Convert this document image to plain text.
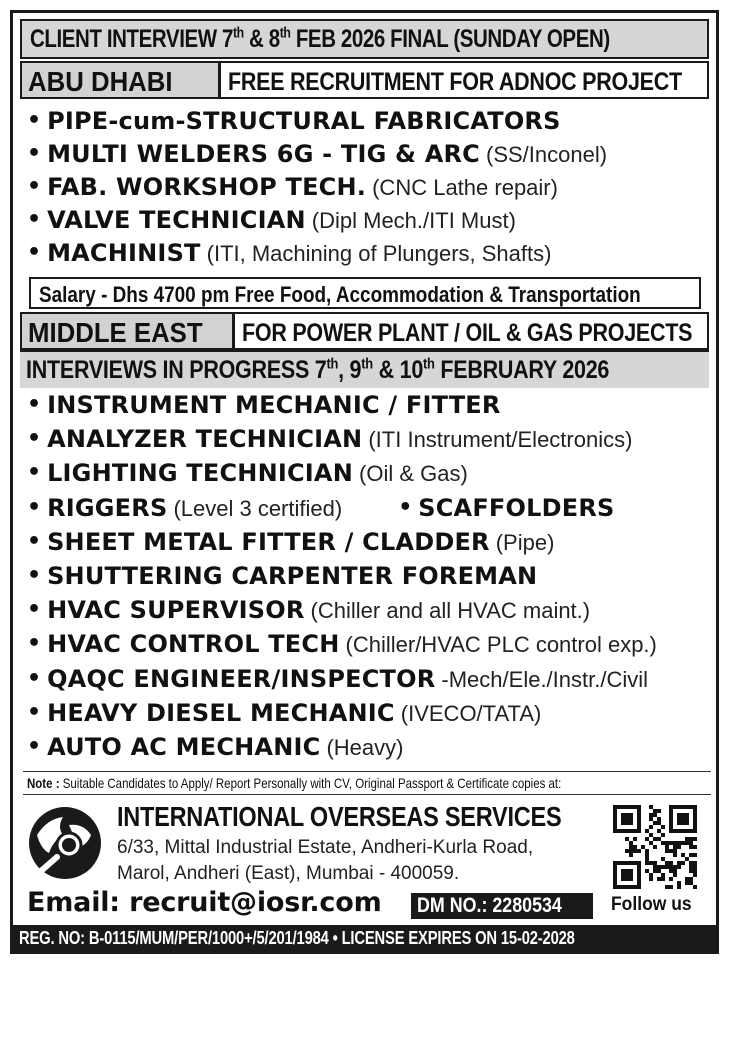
CLIENT INTERVIEW 7th & 8th FEB 2026 FINAL (SUNDAY OPEN)
ABU DHABI FREE RECRUITMENT FOR ADNOC PROJECT
• PIPE-cum-STRUCTURAL FABRICATORS
• MULTI WELDERS 6G - TIG & ARC (SS/Inconel)
• FAB. WORKSHOP TECH. (CNC Lathe repair)
• VALVE TECHNICIAN (Dipl Mech./ITI Must)
• MACHINIST (ITI, Machining of Plungers, Shafts)
Salary - Dhs 4700 pm Free Food, Accommodation & Transportation
MIDDLE EAST FOR POWER PLANT / OIL & GAS PROJECTS
INTERVIEWS IN PROGRESS 7th, 9th & 10th FEBRUARY 2026
• INSTRUMENT MECHANIC / FITTER
• ANALYZER TECHNICIAN (ITI Instrument/Electronics)
• LIGHTING TECHNICIAN (Oil & Gas)
• RIGGERS (Level 3 certified)	• SCAFFOLDERS
• SHEET METAL FITTER / CLADDER (Pipe)
• SHUTTERING CARPENTER FOREMAN
• HVAC SUPERVISOR (Chiller and all HVAC maint.)
• HVAC CONTROL TECH (Chiller/HVAC PLC control exp.)
• QAQC ENGINEER/INSPECTOR -Mech/Ele./Instr./Civil
• HEAVY DIESEL MECHANIC (IVECO/TATA)
• AUTO AC MECHANIC (Heavy)
Note : Suitable Candidates to Apply/ Report Personally with CV, Original Passport & Certificate copies at:
INTERNATIONAL OVERSEAS SERVICES
6/33, Mittal Industrial Estate, Andheri-Kurla Road,
Marol, Andheri (East), Mumbai - 400059.
Email: recruit@iosr.com DM NO.: 2280534	Follow us
REG. NO: B-0115/MUM/PER/1000+/5/201/1984 • LICENSE EXPIRES ON 15-02-2028
